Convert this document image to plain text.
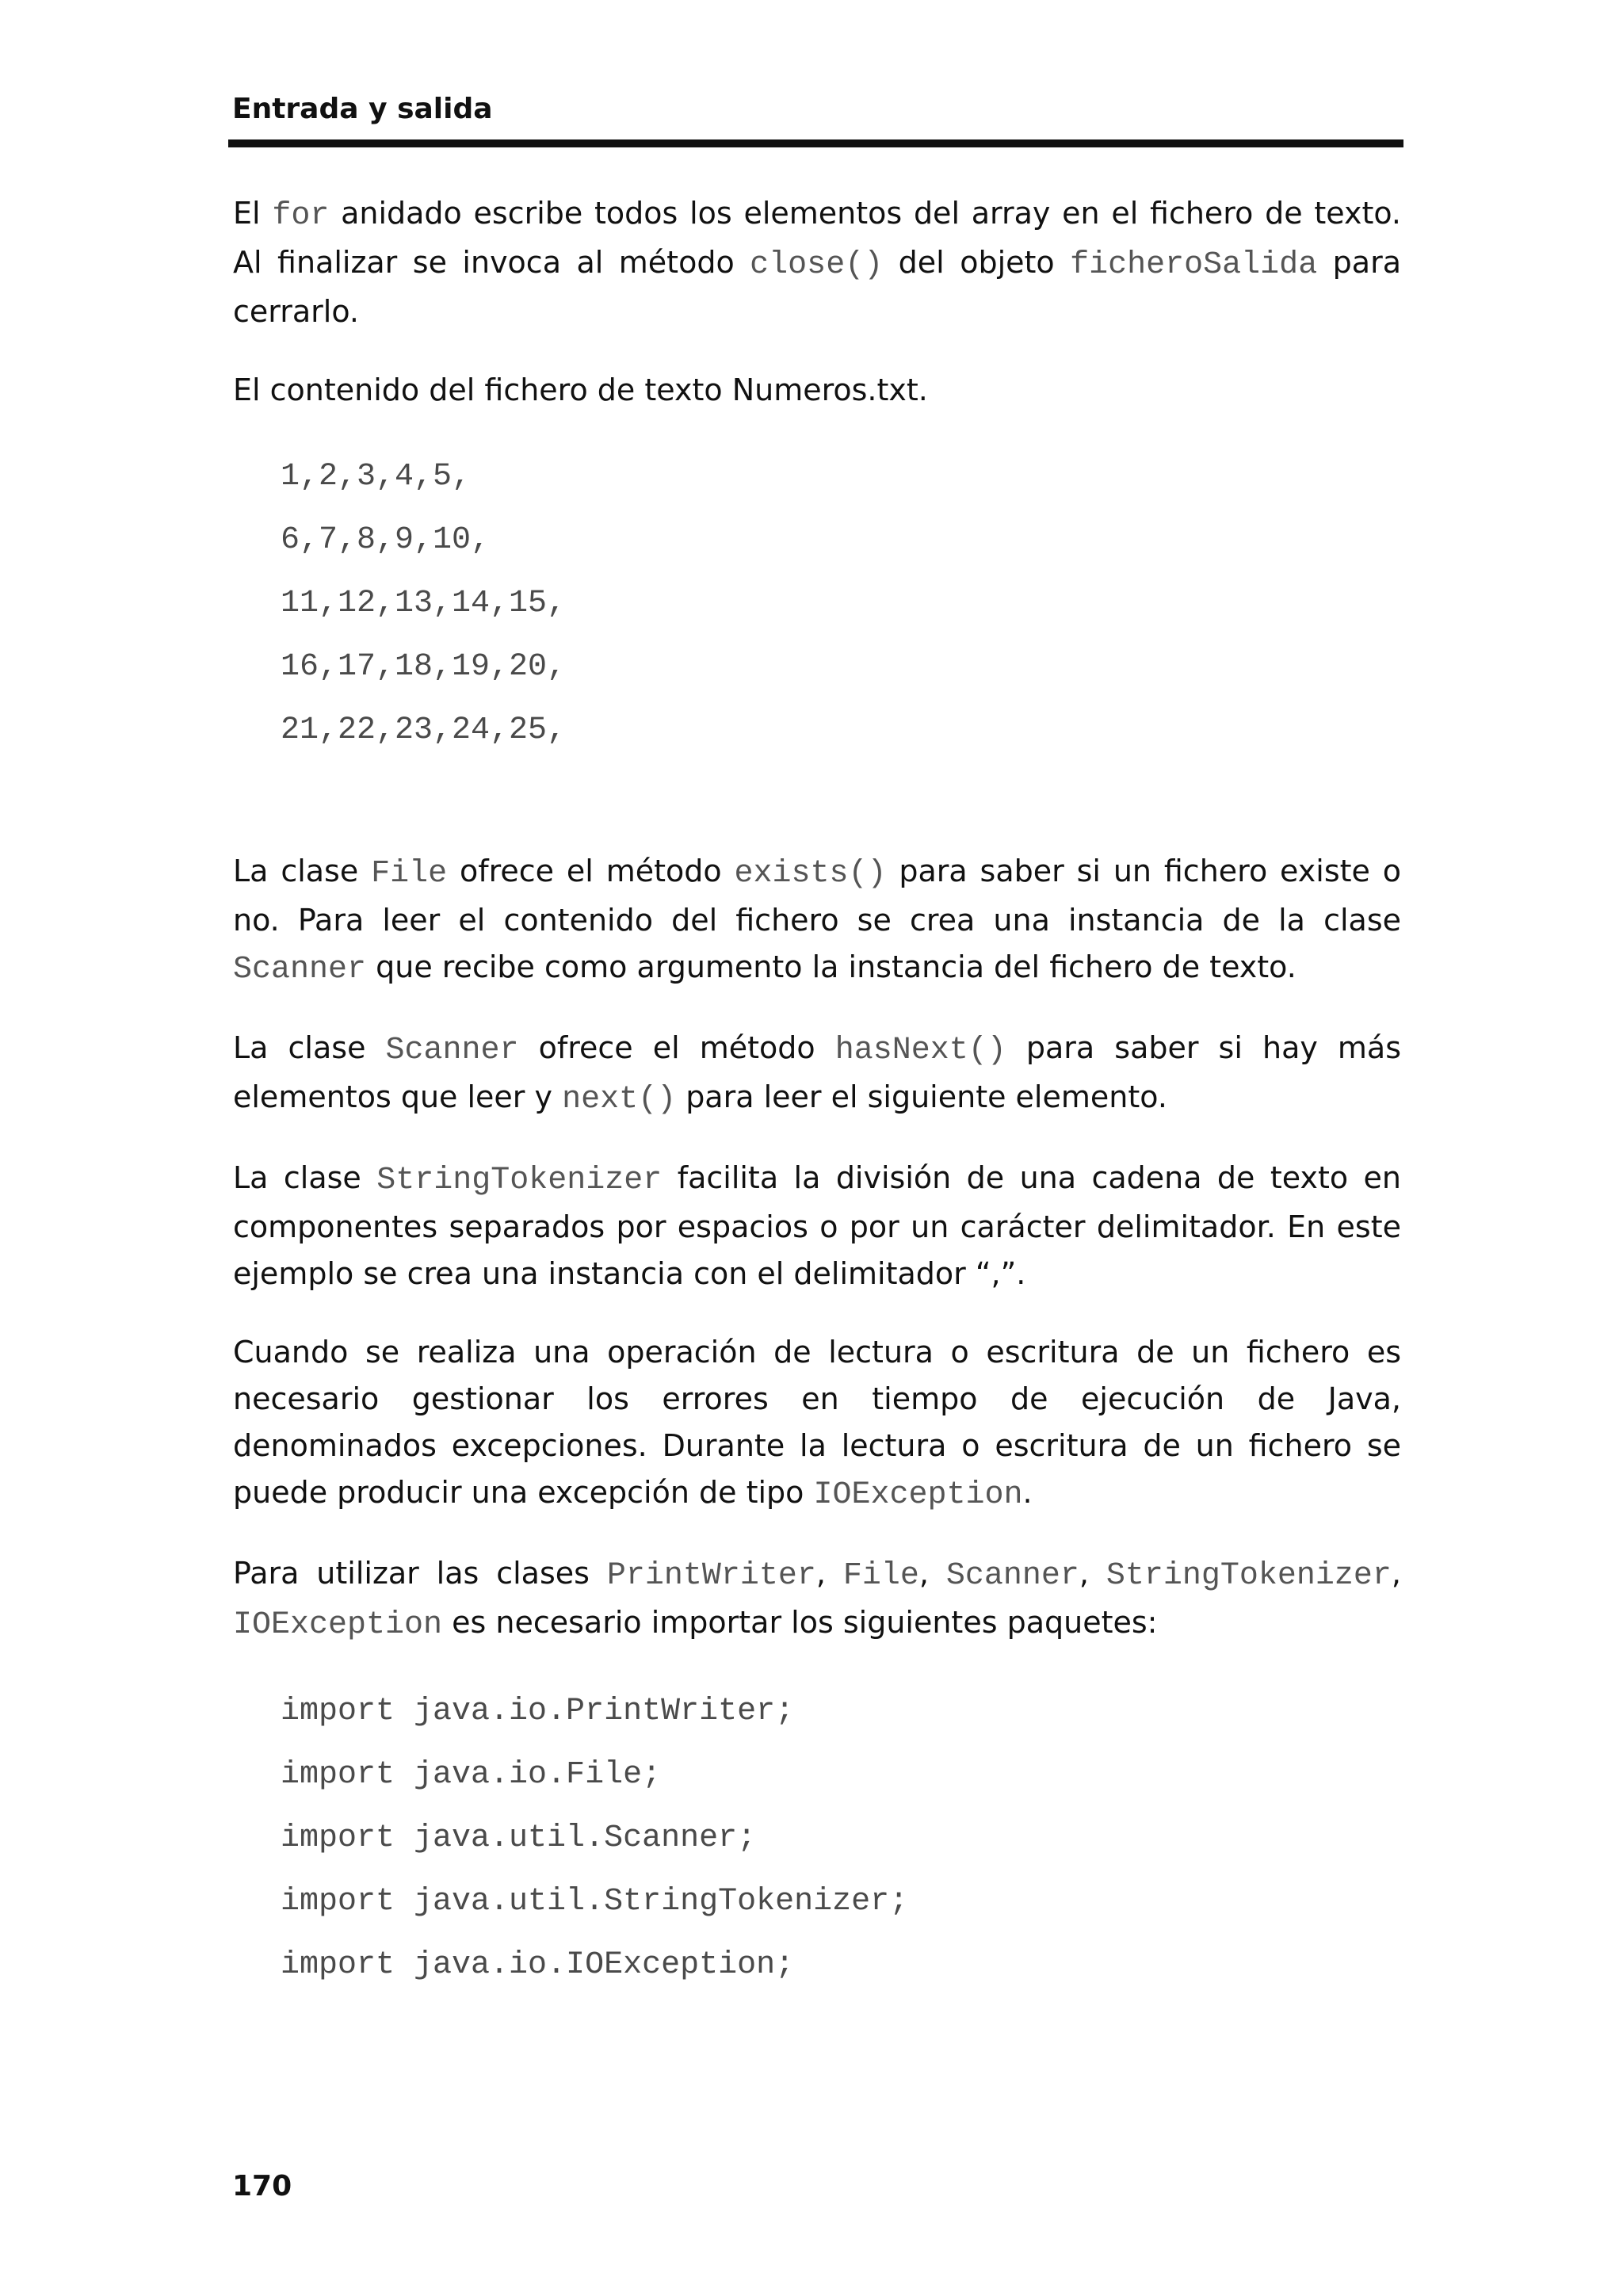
Entrada y salida

El for anidado escribe todos los elementos del array en el fichero de texto. Al finalizar se invoca al método close() del objeto ficheroSalida para cerrarlo.

El contenido del fichero de texto Numeros.txt.

1,2,3,4,5,
6,7,8,9,10,
11,12,13,14,15,
16,17,18,19,20,
21,22,23,24,25,

La clase File ofrece el método exists() para saber si un fichero existe o no. Para leer el contenido del fichero se crea una instancia de la clase Scanner que recibe como argumento la instancia del fichero de texto.

La clase Scanner ofrece el método hasNext() para saber si hay más elementos que leer y next() para leer el siguiente elemento.

La clase StringTokenizer facilita la división de una cadena de texto en componentes separados por espacios o por un carácter delimitador. En este ejemplo se crea una instancia con el delimitador “,”.

Cuando se realiza una operación de lectura o escritura de un fichero es necesario gestionar los errores en tiempo de ejecución de Java, denominados excepciones. Durante la lectura o escritura de un fichero se puede producir una excepción de tipo IOException.

Para utilizar las clases PrintWriter, File, Scanner, StringTokenizer, IOException es necesario importar los siguientes paquetes:

import java.io.PrintWriter;
import java.io.File;
import java.util.Scanner;
import java.util.StringTokenizer;
import java.io.IOException;
170
